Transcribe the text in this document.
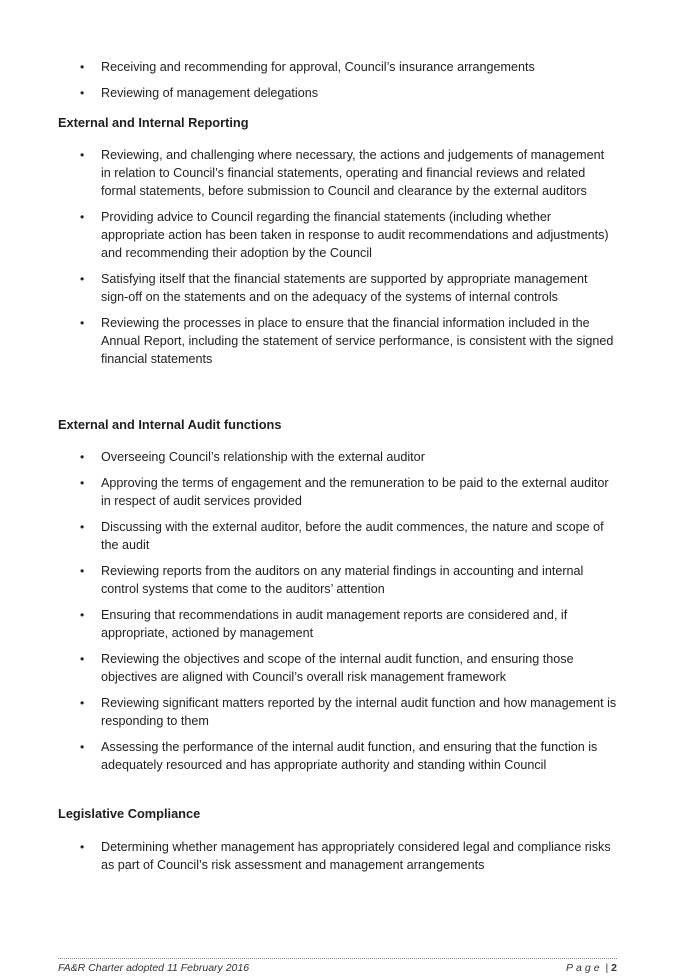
• Receiving and recommending for approval, Council’s insurance arrangements
• Reviewing of management delegations
External and Internal Reporting
• Reviewing, and challenging where necessary, the actions and judgements of management in relation to Council’s financial statements, operating and financial reviews and related formal statements, before submission to Council and clearance by the external auditors
• Providing advice to Council regarding the financial statements (including whether appropriate action has been taken in response to audit recommendations and adjustments) and recommending their adoption by the Council
• Satisfying itself that the financial statements are supported by appropriate management sign-off on the statements and on the adequacy of the systems of internal controls
• Reviewing the processes in place to ensure that the financial information included in the Annual Report, including the statement of service performance, is consistent with the signed financial statements
External and Internal Audit functions
• Overseeing Council’s relationship with the external auditor
• Approving the terms of engagement and the remuneration to be paid to the external auditor in respect of audit services provided
• Discussing with the external auditor, before the audit commences, the nature and scope of the audit
• Reviewing reports from the auditors on any material findings in accounting and internal control systems that come to the auditors’ attention
• Ensuring that recommendations in audit management reports are considered and, if appropriate, actioned by management
• Reviewing the objectives and scope of the internal audit function, and ensuring those objectives are aligned with Council’s overall risk management framework
• Reviewing significant matters reported by the internal audit function and how management is responding to them
• Assessing the performance of the internal audit function, and ensuring that the function is adequately resourced and has appropriate authority and standing within Council
Legislative Compliance
• Determining whether management has appropriately considered legal and compliance risks as part of Council’s risk assessment and management arrangements
FA&R Charter adopted 11 February 2016	Page | 2
